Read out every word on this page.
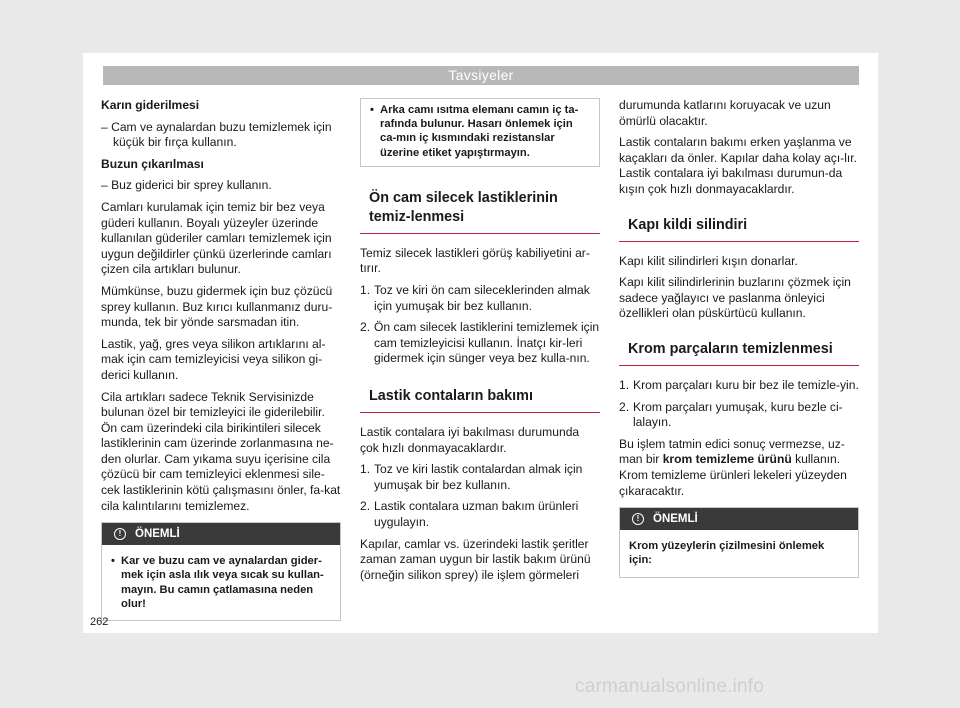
Tavsiyeler

Karın giderilmesi

– Cam ve aynalardan buzu temizlemek için küçük bir fırça kullanın.

Buzun çıkarılması

– Buz giderici bir sprey kullanın.

Camları kurulamak için temiz bir bez veya güderi kullanın. Boyalı yüzeyler üzerinde kullanılan güderiler camları temizlemek için uygun değildirler çünkü üzerlerinde camları çizen cila artıkları bulunur.

Mümkünse, buzu gidermek için buz çözücü sprey kullanın. Buz kırıcı kullanmanız duru-munda, tek bir yönde sarsmadan itin.

Lastik, yağ, gres veya silikon artıklarını al-mak için cam temizleyicisi veya silikon gi-derici kullanın.

Cila artıkları sadece Teknik Servisinizde bulunan özel bir temizleyici ile giderilebilir. Ön cam üzerindeki cila birikintileri silecek lastiklerinin cam üzerinde zorlanmasına ne-den olurlar. Cam yıkama suyu içerisine cila çözücü bir cam temizleyici eklenmesi sile-cek lastiklerinin kötü çalışmasını önler, fa-kat cila kalıntılarını temizlemez.

!	ÖNEMLİ
• Kar ve buzu cam ve aynalardan gider-mek için asla ılık veya sıcak su kullan-mayın. Bu camın çatlamasına neden olur!
• Arka camı ısıtma elemanı camın iç ta-rafında bulunur. Hasarı önlemek için ca-mın iç kısmındaki rezistanslar üzerine etiket yapıştırmayın.
Ön cam silecek lastiklerinin temiz-lenmesi

Temiz silecek lastikleri görüş kabiliyetini ar-tırır.

1. Toz ve kiri ön cam sileceklerinden almak için yumuşak bir bez kullanın.
2. Ön cam silecek lastiklerini temizlemek için cam temizleyicisi kullanın. İnatçı kir-leri gidermek için sünger veya bez kulla-nın.
Lastik contaların bakımı

Lastik contalara iyi bakılması durumunda çok hızlı donmayacaklardır.

1. Toz ve kiri lastik contalardan almak için yumuşak bir bez kullanın.
2. Lastik contalara uzman bakım ürünleri uygulayın.

Kapılar, camlar vs. üzerindeki lastik şeritler zaman zaman uygun bir lastik bakım ürünü (örneğin silikon sprey) ile işlem görmeleri

durumunda katlarını koruyacak ve uzun ömürlü olacaktır.

Lastik contaların bakımı erken yaşlanma ve kaçakları da önler. Kapılar daha kolay açı-lır. Lastik contalara iyi bakılması durumun-da kışın çok hızlı donmayacaklardır.

Kapı kildi silindiri

Kapı kilit silindirleri kışın donarlar.

Kapı kilit silindirlerinin buzlarını çözmek için sadece yağlayıcı ve paslanma önleyici özellikleri olan püskürtücü kullanın.

Krom parçaların temizlenmesi
1. Krom parçaları kuru bir bez ile temizle-yin.
2. Krom parçaları yumuşak, kuru bezle ci-lalayın.

Bu işlem tatmin edici sonuç vermezse, uz-man bir krom temizleme ürünü kullanın. Krom temizleme ürünleri lekeleri yüzeyden çıkaracaktır.

!	ÖNEMLİ
Krom yüzeylerin çizilmesini önlemek için:
262
carmanualsonline.info
